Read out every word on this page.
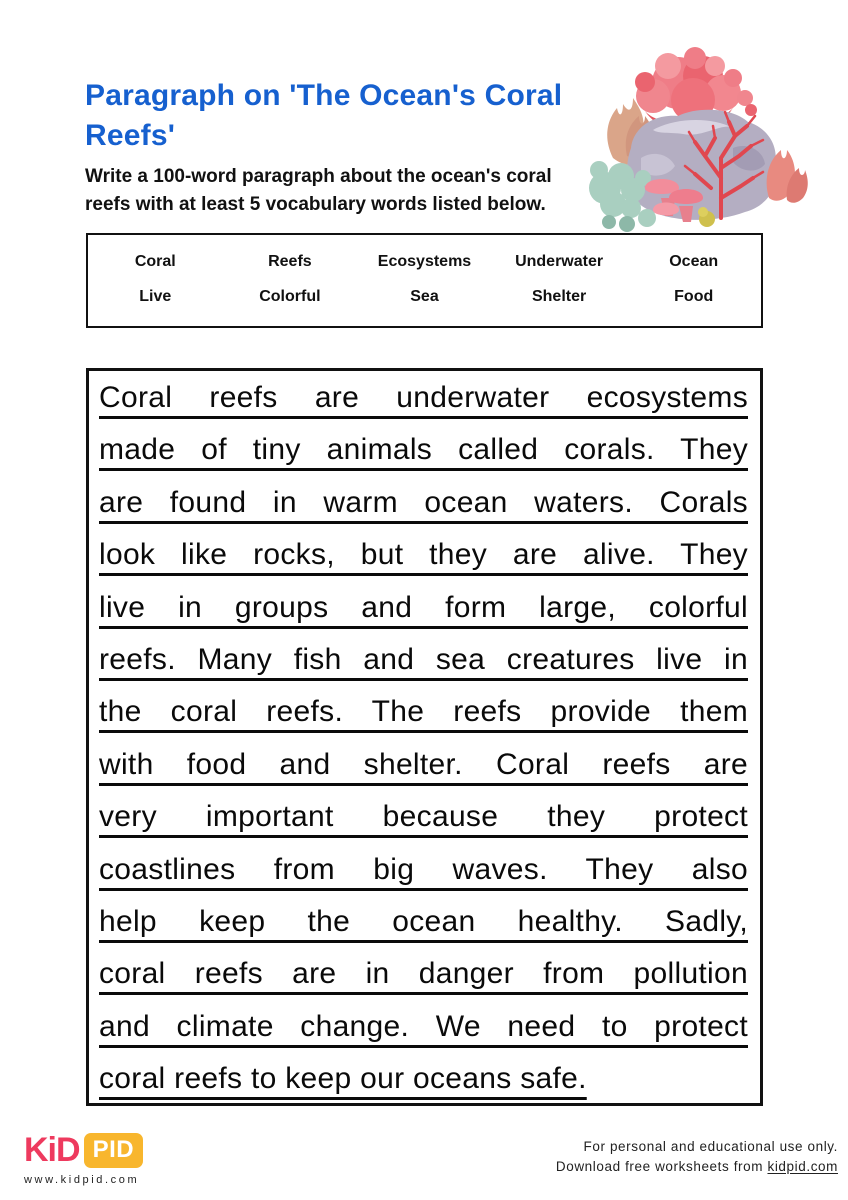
Paragraph on 'The Ocean's Coral Reefs'

Write a 100-word paragraph about the ocean's coral reefs with at least 5 vocabulary words listed below.

Coral	Reefs	Ecosystems	Underwater	Ocean
Live	Colorful	Sea	Shelter	Food
Coral reefs are underwater ecosystems
made of tiny animals called corals. They
are found in warm ocean waters. Corals
look like rocks, but they are alive. They
live in groups and form large, colorful
reefs. Many fish and sea creatures live in
the coral reefs. The reefs provide them
with food and shelter. Coral reefs are
very important because they protect
coastlines from big waves. They also
help keep the ocean healthy. Sadly,
coral reefs are in danger from pollution
and climate change. We need to protect
coral reefs to keep our oceans safe.
KiD PID
www.kidpid.com
For personal and educational use only.
Download free worksheets from kidpid.com
